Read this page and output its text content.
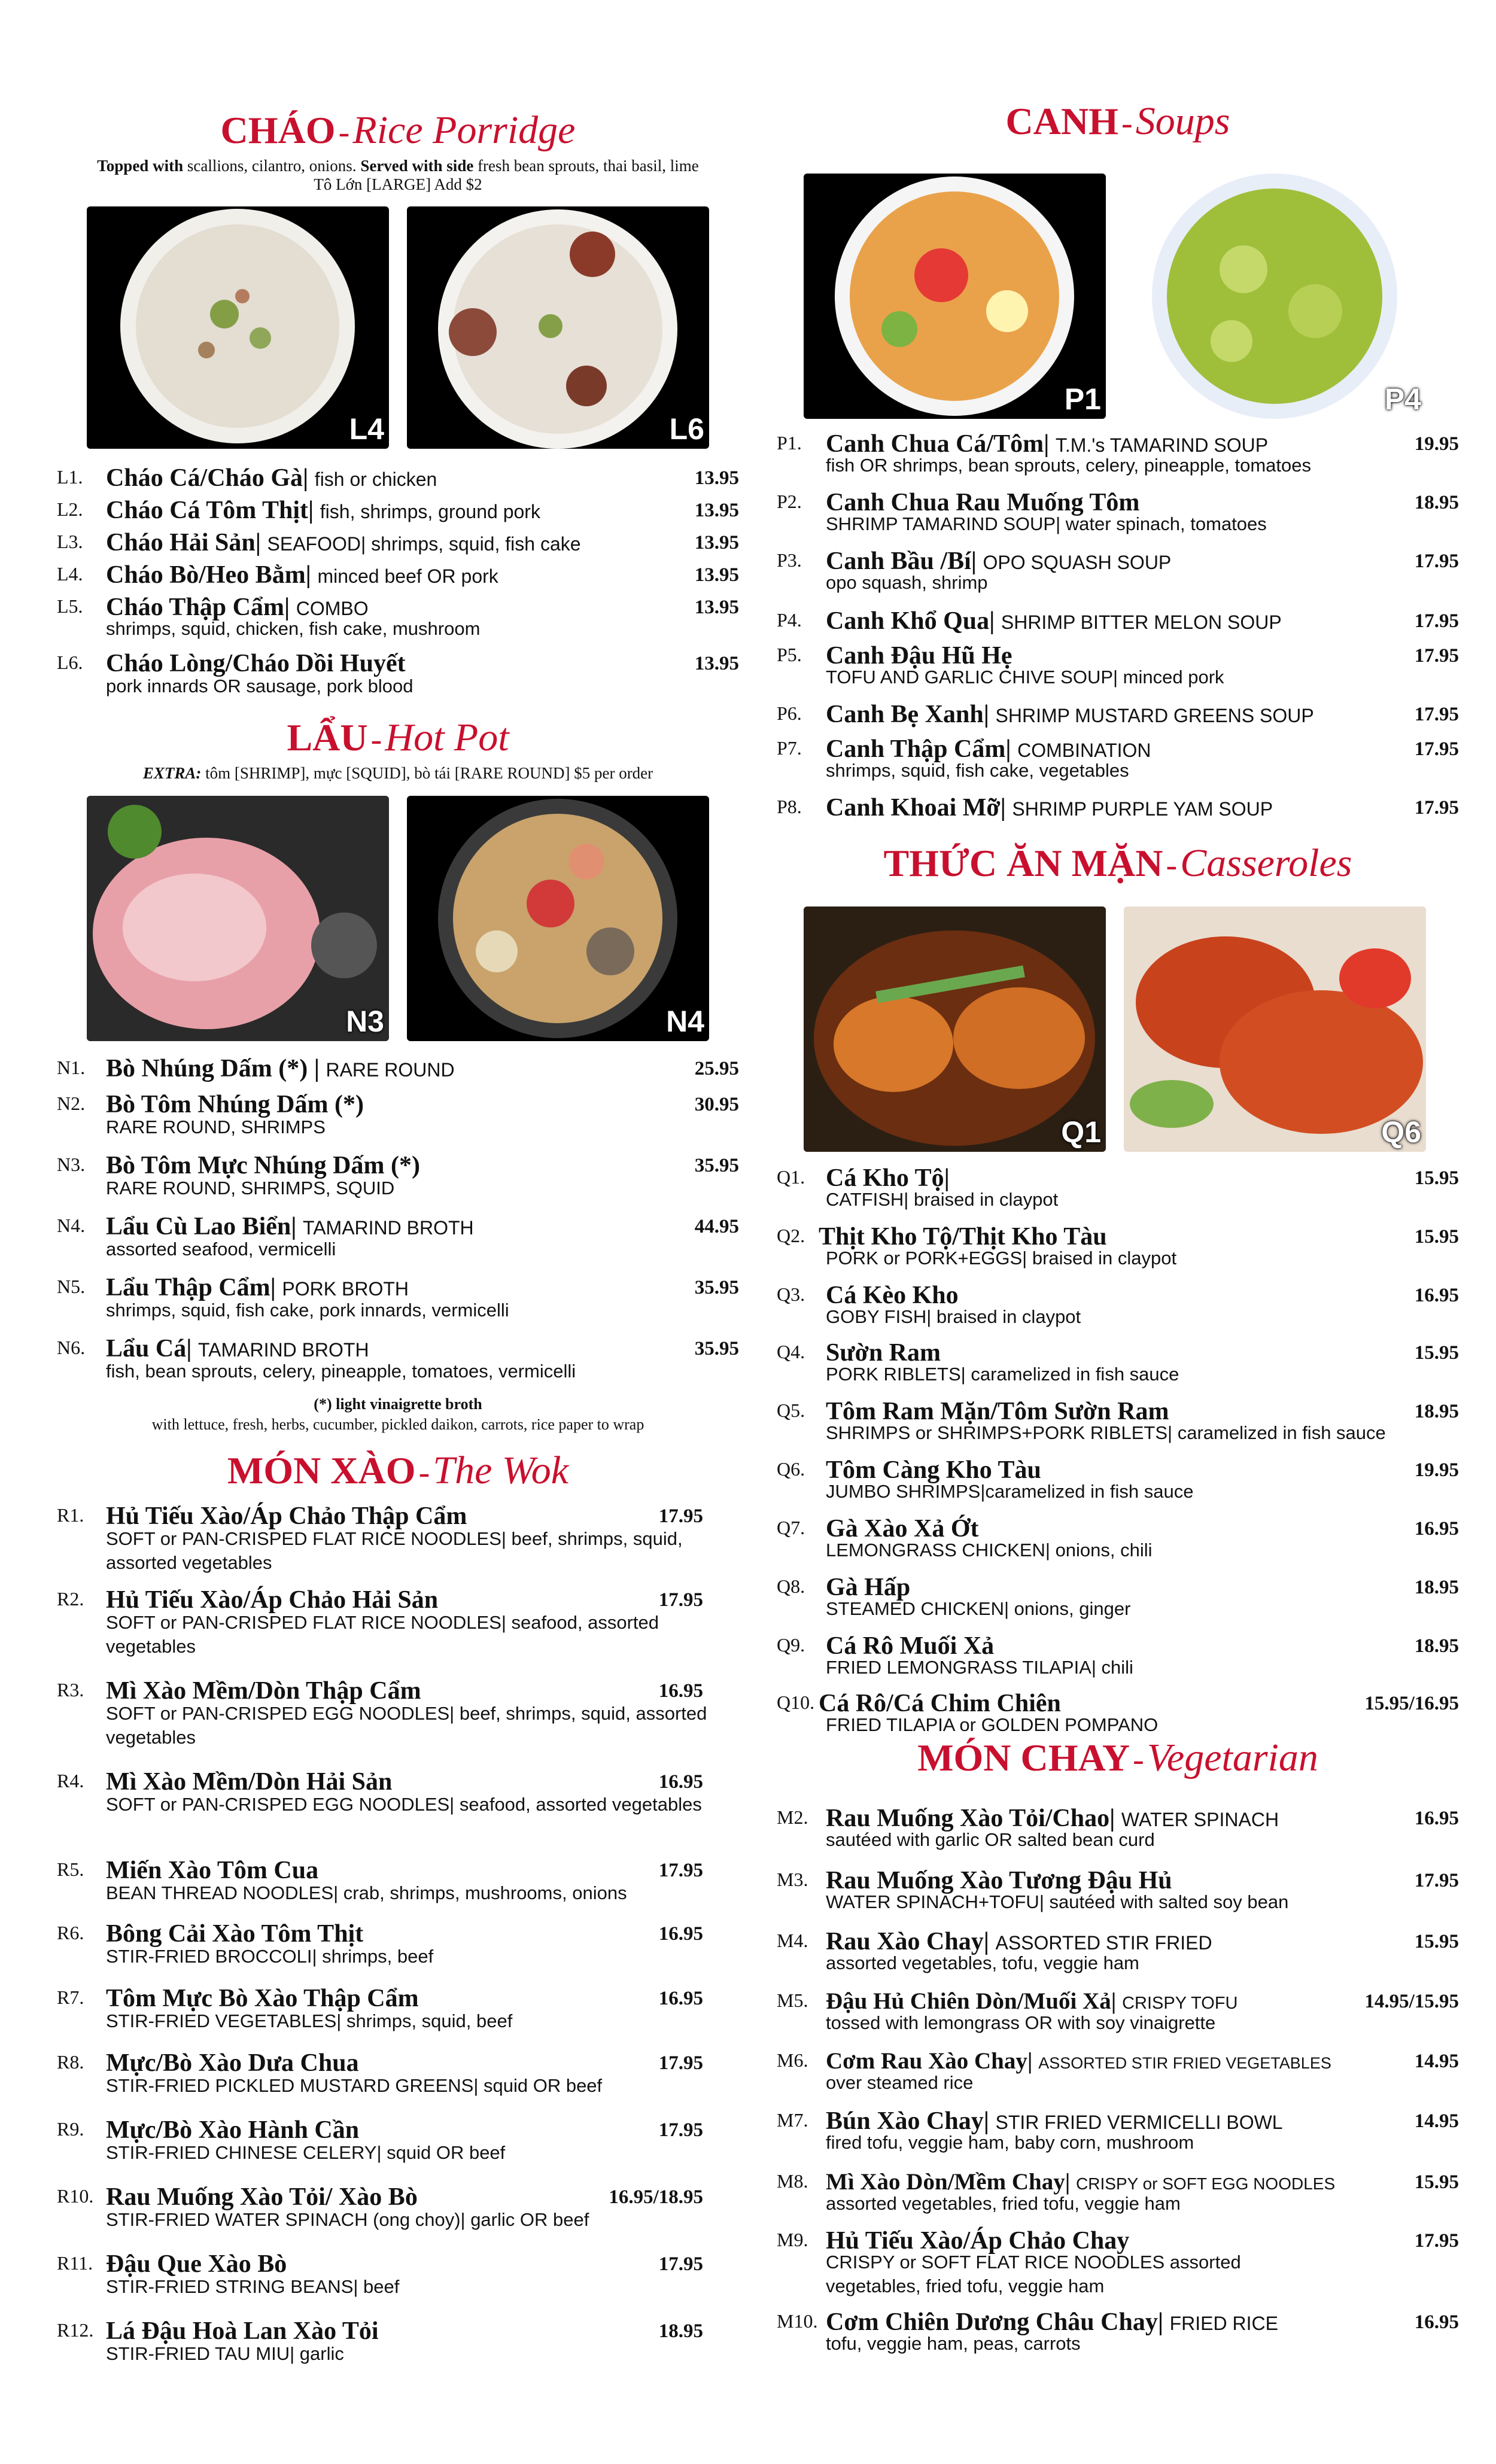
CHÁO - Rice Porridge
Topped with scallions, cilantro, onions. Served with side fresh bean sprouts, thai basil, lime
Tô Lớn [LARGE] Add $2
L4	L6
L1. Cháo Cá/Cháo Gà| fish or chicken	13.95
L2. Cháo Cá Tôm Thịt| fish, shrimps, ground pork	13.95
L3. Cháo Hải Sản| SEAFOOD| shrimps, squid, fish cake	13.95
L4. Cháo Bò/Heo Bằm| minced beef OR pork	13.95
L5. Cháo Thập Cẩm| COMBO	13.95
shrimps, squid, chicken, fish cake, mushroom
L6. Cháo Lòng/Cháo Dồi Huyết	13.95
pork innards OR sausage, pork blood
LẨU - Hot Pot
EXTRA: tôm [SHRIMP], mực [SQUID], bò tái [RARE ROUND] $5 per order
N3	N4
N1. Bò Nhúng Dấm (*) | RARE ROUND	25.95
N2. Bò Tôm Nhúng Dấm (*)	30.95
RARE ROUND, SHRIMPS
N3. Bò Tôm Mực Nhúng Dấm (*)	35.95
RARE ROUND, SHRIMPS, SQUID
N4. Lẩu Cù Lao Biển| TAMARIND BROTH	44.95
assorted seafood, vermicelli
N5. Lẩu Thập Cẩm| PORK BROTH	35.95
shrimps, squid, fish cake, pork innards, vermicelli
N6. Lẩu Cá| TAMARIND BROTH	35.95
fish, bean sprouts, celery, pineapple, tomatoes, vermicelli
(*) light vinaigrette broth
with lettuce, fresh, herbs, cucumber, pickled daikon, carrots, rice paper to wrap
MÓN XÀO - The Wok
R1. Hủ Tiếu Xào/Áp Chảo Thập Cẩm	17.95
SOFT or PAN-CRISPED FLAT RICE NOODLES| beef, shrimps, squid, assorted vegetables
R2. Hủ Tiếu Xào/Áp Chảo Hải Sản	17.95
SOFT or PAN-CRISPED FLAT RICE NOODLES| seafood, assorted vegetables
R3. Mì Xào Mềm/Dòn Thập Cẩm	16.95
SOFT or PAN-CRISPED EGG NOODLES| beef, shrimps, squid, assorted vegetables
R4. Mì Xào Mềm/Dòn Hải Sản	16.95
SOFT or PAN-CRISPED EGG NOODLES| seafood, assorted vegetables
R5. Miến Xào Tôm Cua	17.95
BEAN THREAD NOODLES| crab, shrimps, mushrooms, onions
R6. Bông Cải Xào Tôm Thịt	16.95
STIR-FRIED BROCCOLI| shrimps, beef
R7. Tôm Mực Bò Xào Thập Cẩm	16.95
STIR-FRIED VEGETABLES| shrimps, squid, beef
R8. Mực/Bò Xào Dưa Chua	17.95
STIR-FRIED PICKLED MUSTARD GREENS| squid OR beef
R9. Mực/Bò Xào Hành Cần	17.95
STIR-FRIED CHINESE CELERY| squid OR beef
R10. Rau Muống Xào Tỏi/ Xào Bò	16.95/18.95
STIR-FRIED WATER SPINACH (ong choy)| garlic OR beef
R11. Đậu Que Xào Bò	17.95
STIR-FRIED STRING BEANS| beef
R12. Lá Đậu Hoà Lan Xào Tỏi	18.95
STIR-FRIED TAU MIU| garlic
CANH - Soups
P1	P4
P1. Canh Chua Cá/Tôm| T.M.'s TAMARIND SOUP	19.95
fish OR shrimps, bean sprouts, celery, pineapple, tomatoes
P2. Canh Chua Rau Muống Tôm	18.95
SHRIMP TAMARIND SOUP| water spinach, tomatoes
P3. Canh Bầu /Bí| OPO SQUASH SOUP	17.95
opo squash, shrimp
P4. Canh Khổ Qua| SHRIMP BITTER MELON SOUP	17.95
P5. Canh Đậu Hũ Hẹ	17.95
TOFU AND GARLIC CHIVE SOUP| minced pork
P6. Canh Bẹ Xanh| SHRIMP MUSTARD GREENS SOUP	17.95
P7. Canh Thập Cẩm| COMBINATION	17.95
shrimps, squid, fish cake, vegetables
P8. Canh Khoai Mỡ| SHRIMP PURPLE YAM SOUP	17.95
THỨC ĂN MẶN - Casseroles
Q1	Q6
Q1. Cá Kho Tộ|	15.95
CATFISH| braised in claypot
Q2. Thịt Kho Tộ/Thịt Kho Tàu	15.95
PORK or PORK+EGGS| braised in claypot
Q3. Cá Kèo Kho	16.95
GOBY FISH| braised in claypot
Q4. Sườn Ram	15.95
PORK RIBLETS| caramelized in fish sauce
Q5. Tôm Ram Mặn/Tôm Sườn Ram	18.95
SHRIMPS or SHRIMPS+PORK RIBLETS| caramelized in fish sauce
Q6. Tôm Càng Kho Tàu	19.95
JUMBO SHRIMPS|caramelized in fish sauce
Q7. Gà Xào Xả Ớt	16.95
LEMONGRASS CHICKEN| onions, chili
Q8. Gà Hấp	18.95
STEAMED CHICKEN| onions, ginger
Q9. Cá Rô Muối Xả	18.95
FRIED LEMONGRASS TILAPIA| chili
Q10. Cá Rô/Cá Chim Chiên	15.95/16.95
FRIED TILAPIA or GOLDEN POMPANO
MÓN CHAY - Vegetarian
M2. Rau Muống Xào Tỏi/Chao| WATER SPINACH	16.95
sautéed with garlic OR salted bean curd
M3. Rau Muống Xào Tương Đậu Hủ	17.95
WATER SPINACH+TOFU| sautéed with salted soy bean
M4. Rau Xào Chay| ASSORTED STIR FRIED	15.95
assorted vegetables, tofu, veggie ham
M5. Đậu Hủ Chiên Dòn/Muối Xả| CRISPY TOFU	14.95/15.95
tossed with lemongrass OR with soy vinaigrette
M6. Cơm Rau Xào Chay| ASSORTED STIR FRIED VEGETABLES	14.95
over steamed rice
M7. Bún Xào Chay| STIR FRIED VERMICELLI BOWL	14.95
fired tofu, veggie ham, baby corn, mushroom
M8. Mì Xào Dòn/Mềm Chay| CRISPY or SOFT EGG NOODLES	15.95
assorted vegetables, fried tofu, veggie ham
M9. Hủ Tiếu Xào/Áp Chảo Chay	17.95
CRISPY or SOFT FLAT RICE NOODLES assorted vegetables, fried tofu, veggie ham
M10. Cơm Chiên Dương Châu Chay| FRIED RICE	16.95
tofu, veggie ham, peas, carrots
